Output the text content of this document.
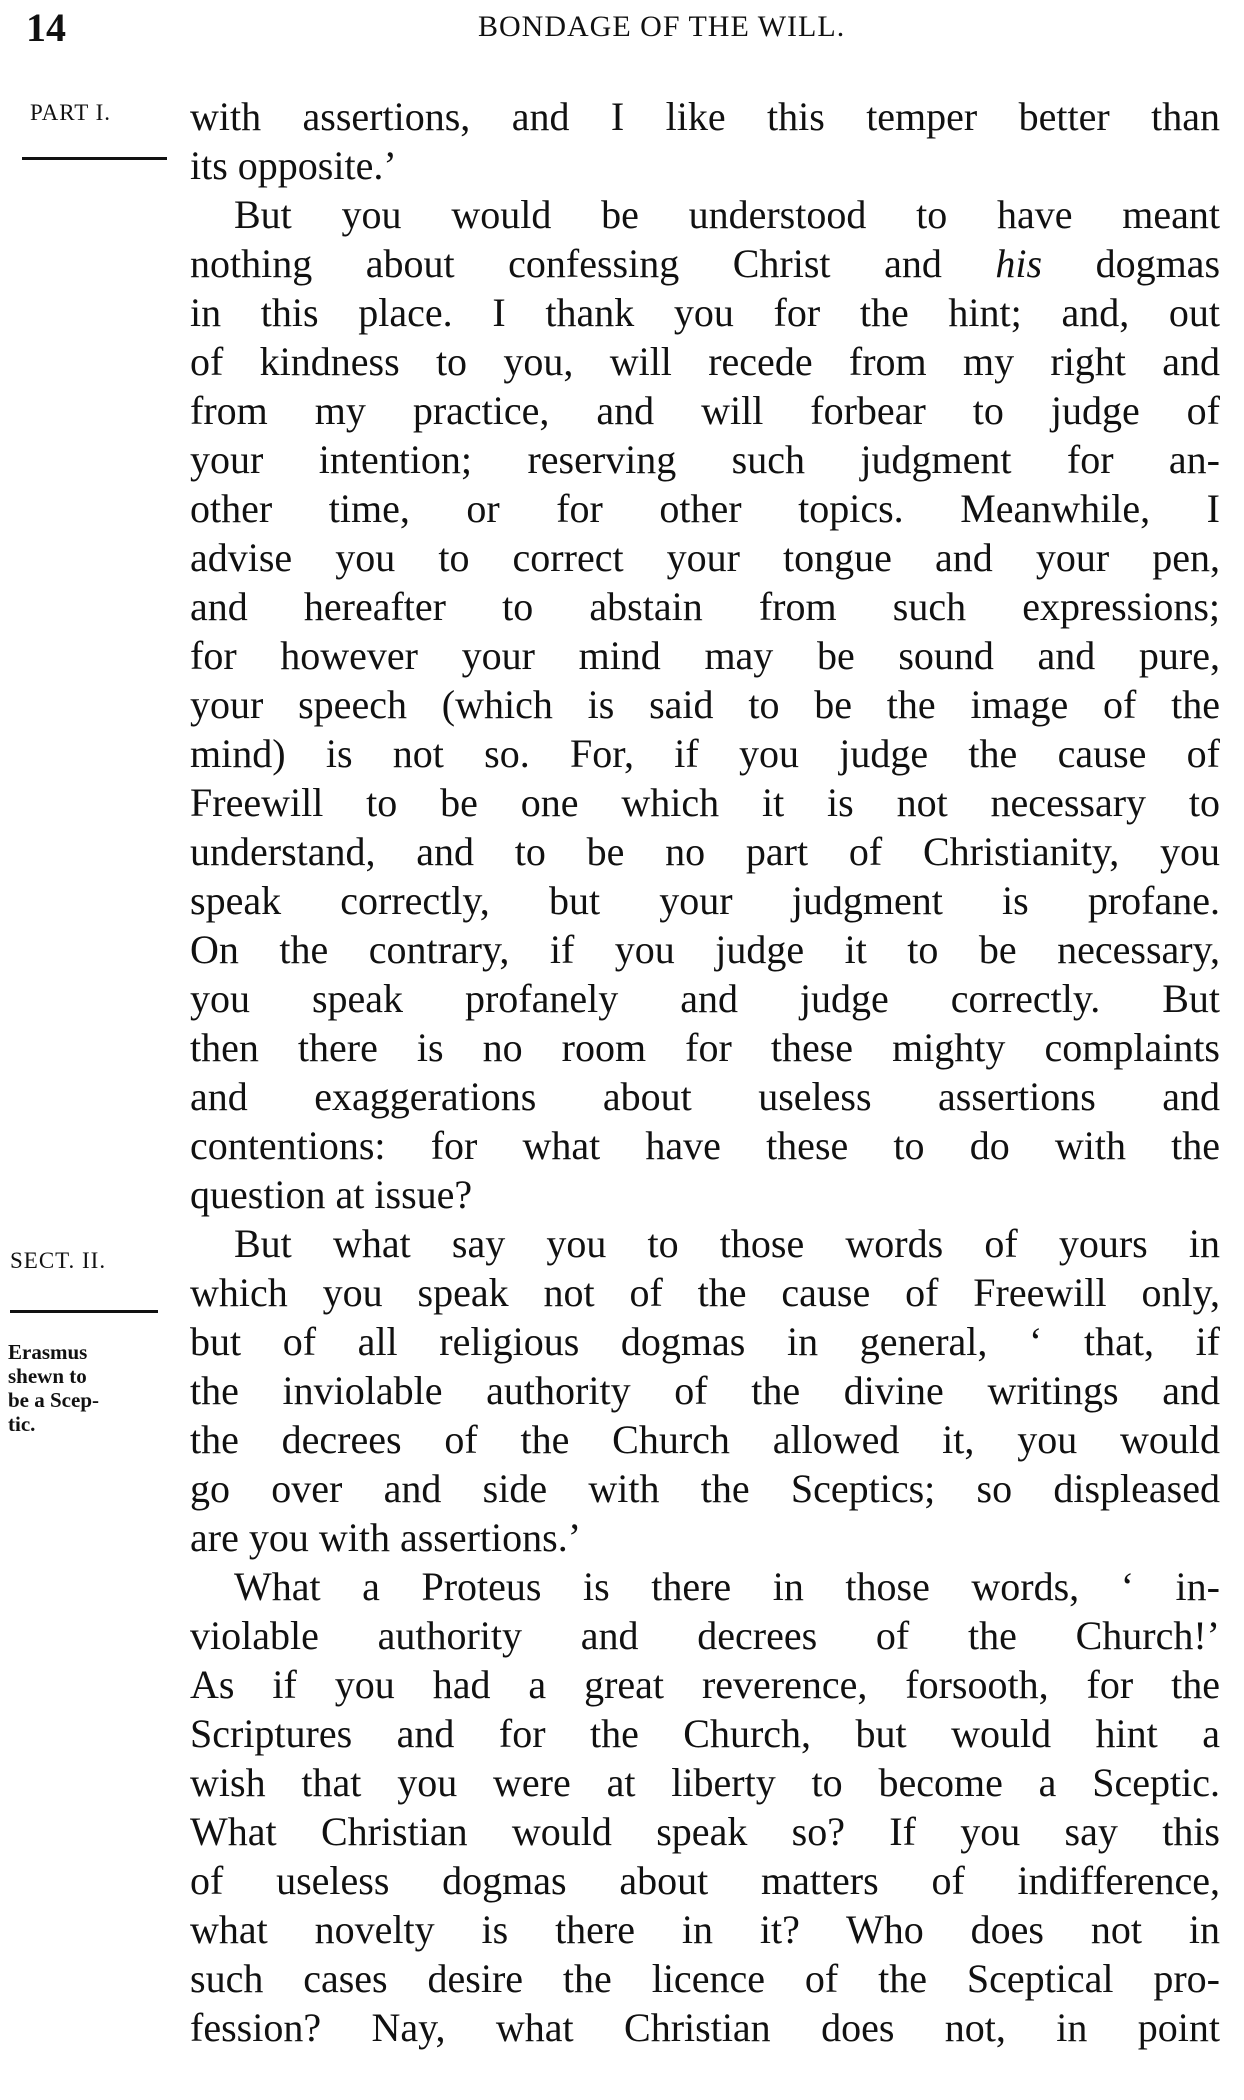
14	BONDAGE OF THE WILL.
PART I.
SECT. II.
Erasmus
shewn to
be a Scep-
tic.
with assertions, and I like this temper better than
its opposite.’
But you would be understood to have meant
nothing about confessing Christ and his dogmas
in this place. I thank you for the hint; and, out
of kindness to you, will recede from my right and
from my practice, and will forbear to judge of
your intention; reserving such judgment for an-
other time, or for other topics. Meanwhile, I
advise you to correct your tongue and your pen,
and hereafter to abstain from such expressions;
for however your mind may be sound and pure,
your speech (which is said to be the image of the
mind) is not so. For, if you judge the cause of
Freewill to be one which it is not necessary to
understand, and to be no part of Christianity, you
speak correctly, but your judgment is profane.
On the contrary, if you judge it to be necessary,
you speak profanely and judge correctly. But
then there is no room for these mighty complaints
and exaggerations about useless assertions and
contentions: for what have these to do with the
question at issue?
But what say you to those words of yours in
which you speak not of the cause of Freewill only,
but of all religious dogmas in general, ‘ that, if
the inviolable authority of the divine writings and
the decrees of the Church allowed it, you would
go over and side with the Sceptics; so displeased
are you with assertions.’
What a Proteus is there in those words, ‘ in-
violable authority and decrees of the Church!’
As if you had a great reverence, forsooth, for the
Scriptures and for the Church, but would hint a
wish that you were at liberty to become a Sceptic.
What Christian would speak so? If you say this
of useless dogmas about matters of indifference,
what novelty is there in it? Who does not in
such cases desire the licence of the Sceptical pro-
fession? Nay, what Christian does not, in point
